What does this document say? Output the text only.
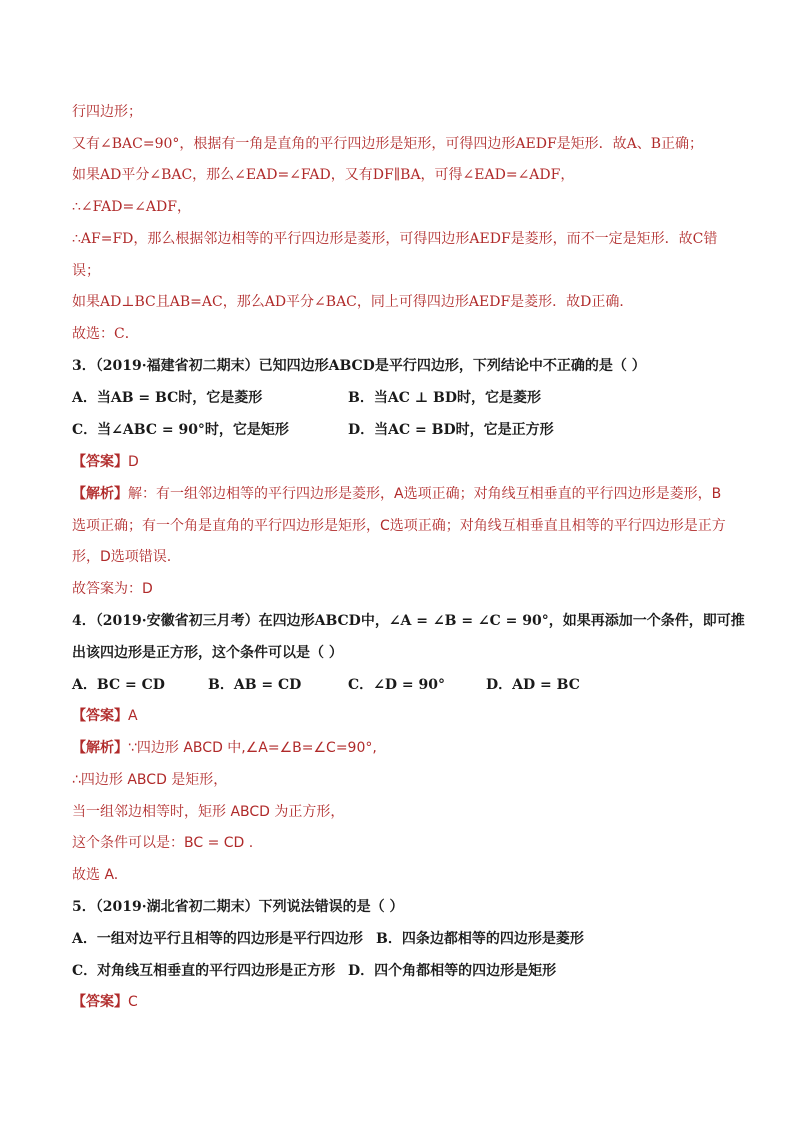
行四边形；
又有∠BAC=90°，根据有一角是直角的平行四边形是矩形，可得四边形AEDF是矩形．故A、B正确；
如果AD平分∠BAC，那么∠EAD=∠FAD，又有DF∥BA，可得∠EAD=∠ADF，
∴∠FAD=∠ADF，
∴AF=FD，那么根据邻边相等的平行四边形是菱形，可得四边形AEDF是菱形，而不一定是矩形．故C错
误；
如果AD⊥BC且AB=AC，那么AD平分∠BAC，同上可得四边形AEDF是菱形．故D正确．
故选：C．
3．（2019·福建省初二期末）已知四边形ABCD是平行四边形，下列结论中不正确的是（ ）
A．当AB = BC时，它是菱形	B．当AC ⊥ BD时，它是菱形
C．当∠ABC = 90°时，它是矩形	D．当AC = BD时，它是正方形
【答案】D
【解析】解：有一组邻边相等的平行四边形是菱形，A选项正确；对角线互相垂直的平行四边形是菱形，B
选项正确；有一个角是直角的平行四边形是矩形，C选项正确；对角线互相垂直且相等的平行四边形是正方
形，D选项错误.
故答案为：D
4．（2019·安徽省初三月考）在四边形ABCD中，∠A = ∠B = ∠C = 90°，如果再添加一个条件，即可推
出该四边形是正方形，这个条件可以是（ ）
A．BC = CD	B．AB = CD	C．∠D = 90°	D．AD = BC
【答案】A
【解析】∵四边形 ABCD 中,∠A=∠B=∠C=90°,
∴四边形 ABCD 是矩形，
当一组邻边相等时，矩形 ABCD 为正方形，
这个条件可以是：BC = CD .
故选 A.
5．（2019·湖北省初二期末）下列说法错误的是（ ）
A．一组对边平行且相等的四边形是平行四边形 B．四条边都相等的四边形是菱形
C．对角线互相垂直的平行四边形是正方形 D．四个角都相等的四边形是矩形
【答案】C
